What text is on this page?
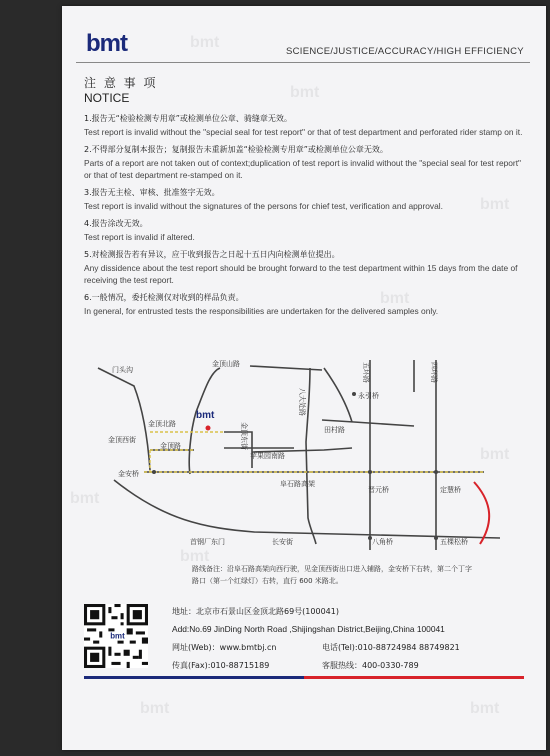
bmt
bmt
bmt
bmt
bmt
bmt
bmt
bmt
bmt
bmt	SCIENCE/JUSTICE/ACCURACY/HIGH EFFICIENCY
注 意 事 项
NOTICE
1.报告无“检验检测专用章”或检测单位公章、骑缝章无效。
Test report is invalid without the "special seal for test report" or that of test department and perforated rider stamp on it.
2.不得部分复制本报告；复制报告未重新加盖“检验检测专用章”或检测单位公章无效。
Parts of a report are not taken out of context;duplication of test report is invalid without the "special seal for test report" or that of test department re-stamped on it.
3.报告无主检、审核、批准签字无效。
Test report is invalid without the signatures of the persons for chief test, verification and approval.
4.报告涂改无效。
Test report is invalid if altered.
5.对检测报告若有异议，应于收到报告之日起十五日内向检测单位提出。
Any dissidence about the test report should be brought forward to the test department within 15 days from the date of receiving the test report.
6.一般情况，委托检测仅对收到的样品负责。
In general, for entrusted tests the responsibilities are undertaken for the delivered samples only.
门头沟
金顶山路	五环路	四环路
八大处路	永引桥
bmt
金顶北路	金顶东街	田村路
金顶西街
金顶路
苹果园南路
金安桥
阜石路高架
晋元桥	定慧桥
首钢厂东门	长安街	八角桥	五棵松桥
路线备注：沿阜石路高架向西行驶，见金顶西街出口进入辅路，金安桥下右转，第二个丁字路口（第一个红绿灯）右转，直行 600 米路北。
bmt
地址：北京市石景山区金顶北路69号(100041)
Add:No.69 JinDing North Road ,Shijingshan District,Beijing,China 100041
网址(Web)：www.bmtbj.cn	电话(Tel):010-88724984 88749821
传真(Fax):010-88715189	客服热线：400-0330-789
